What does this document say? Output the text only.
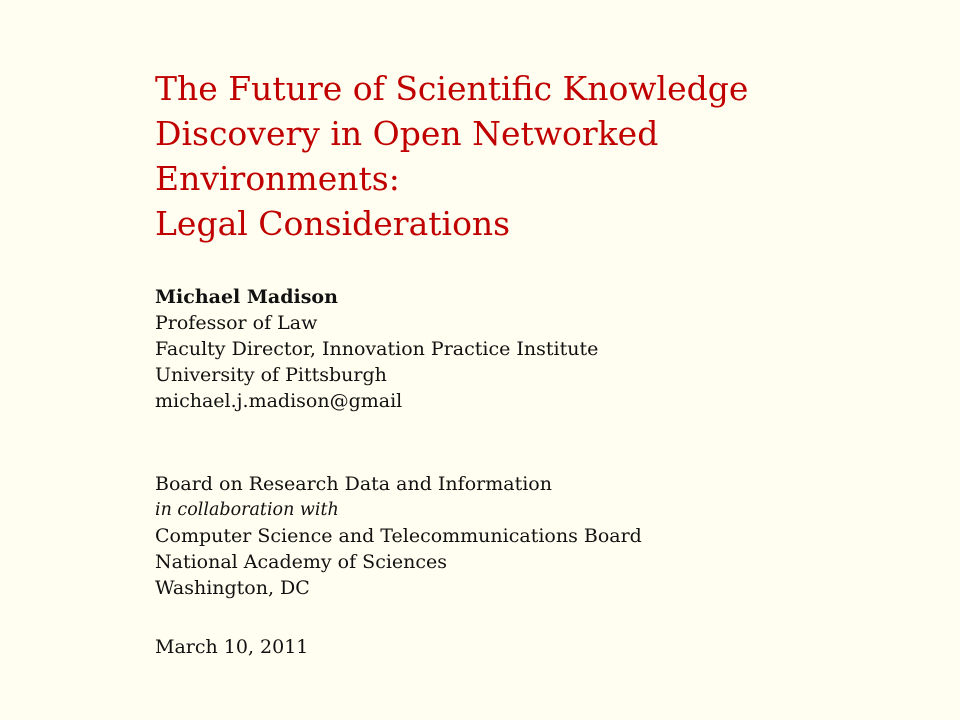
The Future of Scientific Knowledge
Discovery in Open Networked
Environments:
Legal Considerations
Michael Madison
Professor of Law
Faculty Director, Innovation Practice Institute
University of Pittsburgh
michael.j.madison@gmail
Board on Research Data and Information
in collaboration with
Computer Science and Telecommunications Board
National Academy of Sciences
Washington, DC
March 10, 2011
